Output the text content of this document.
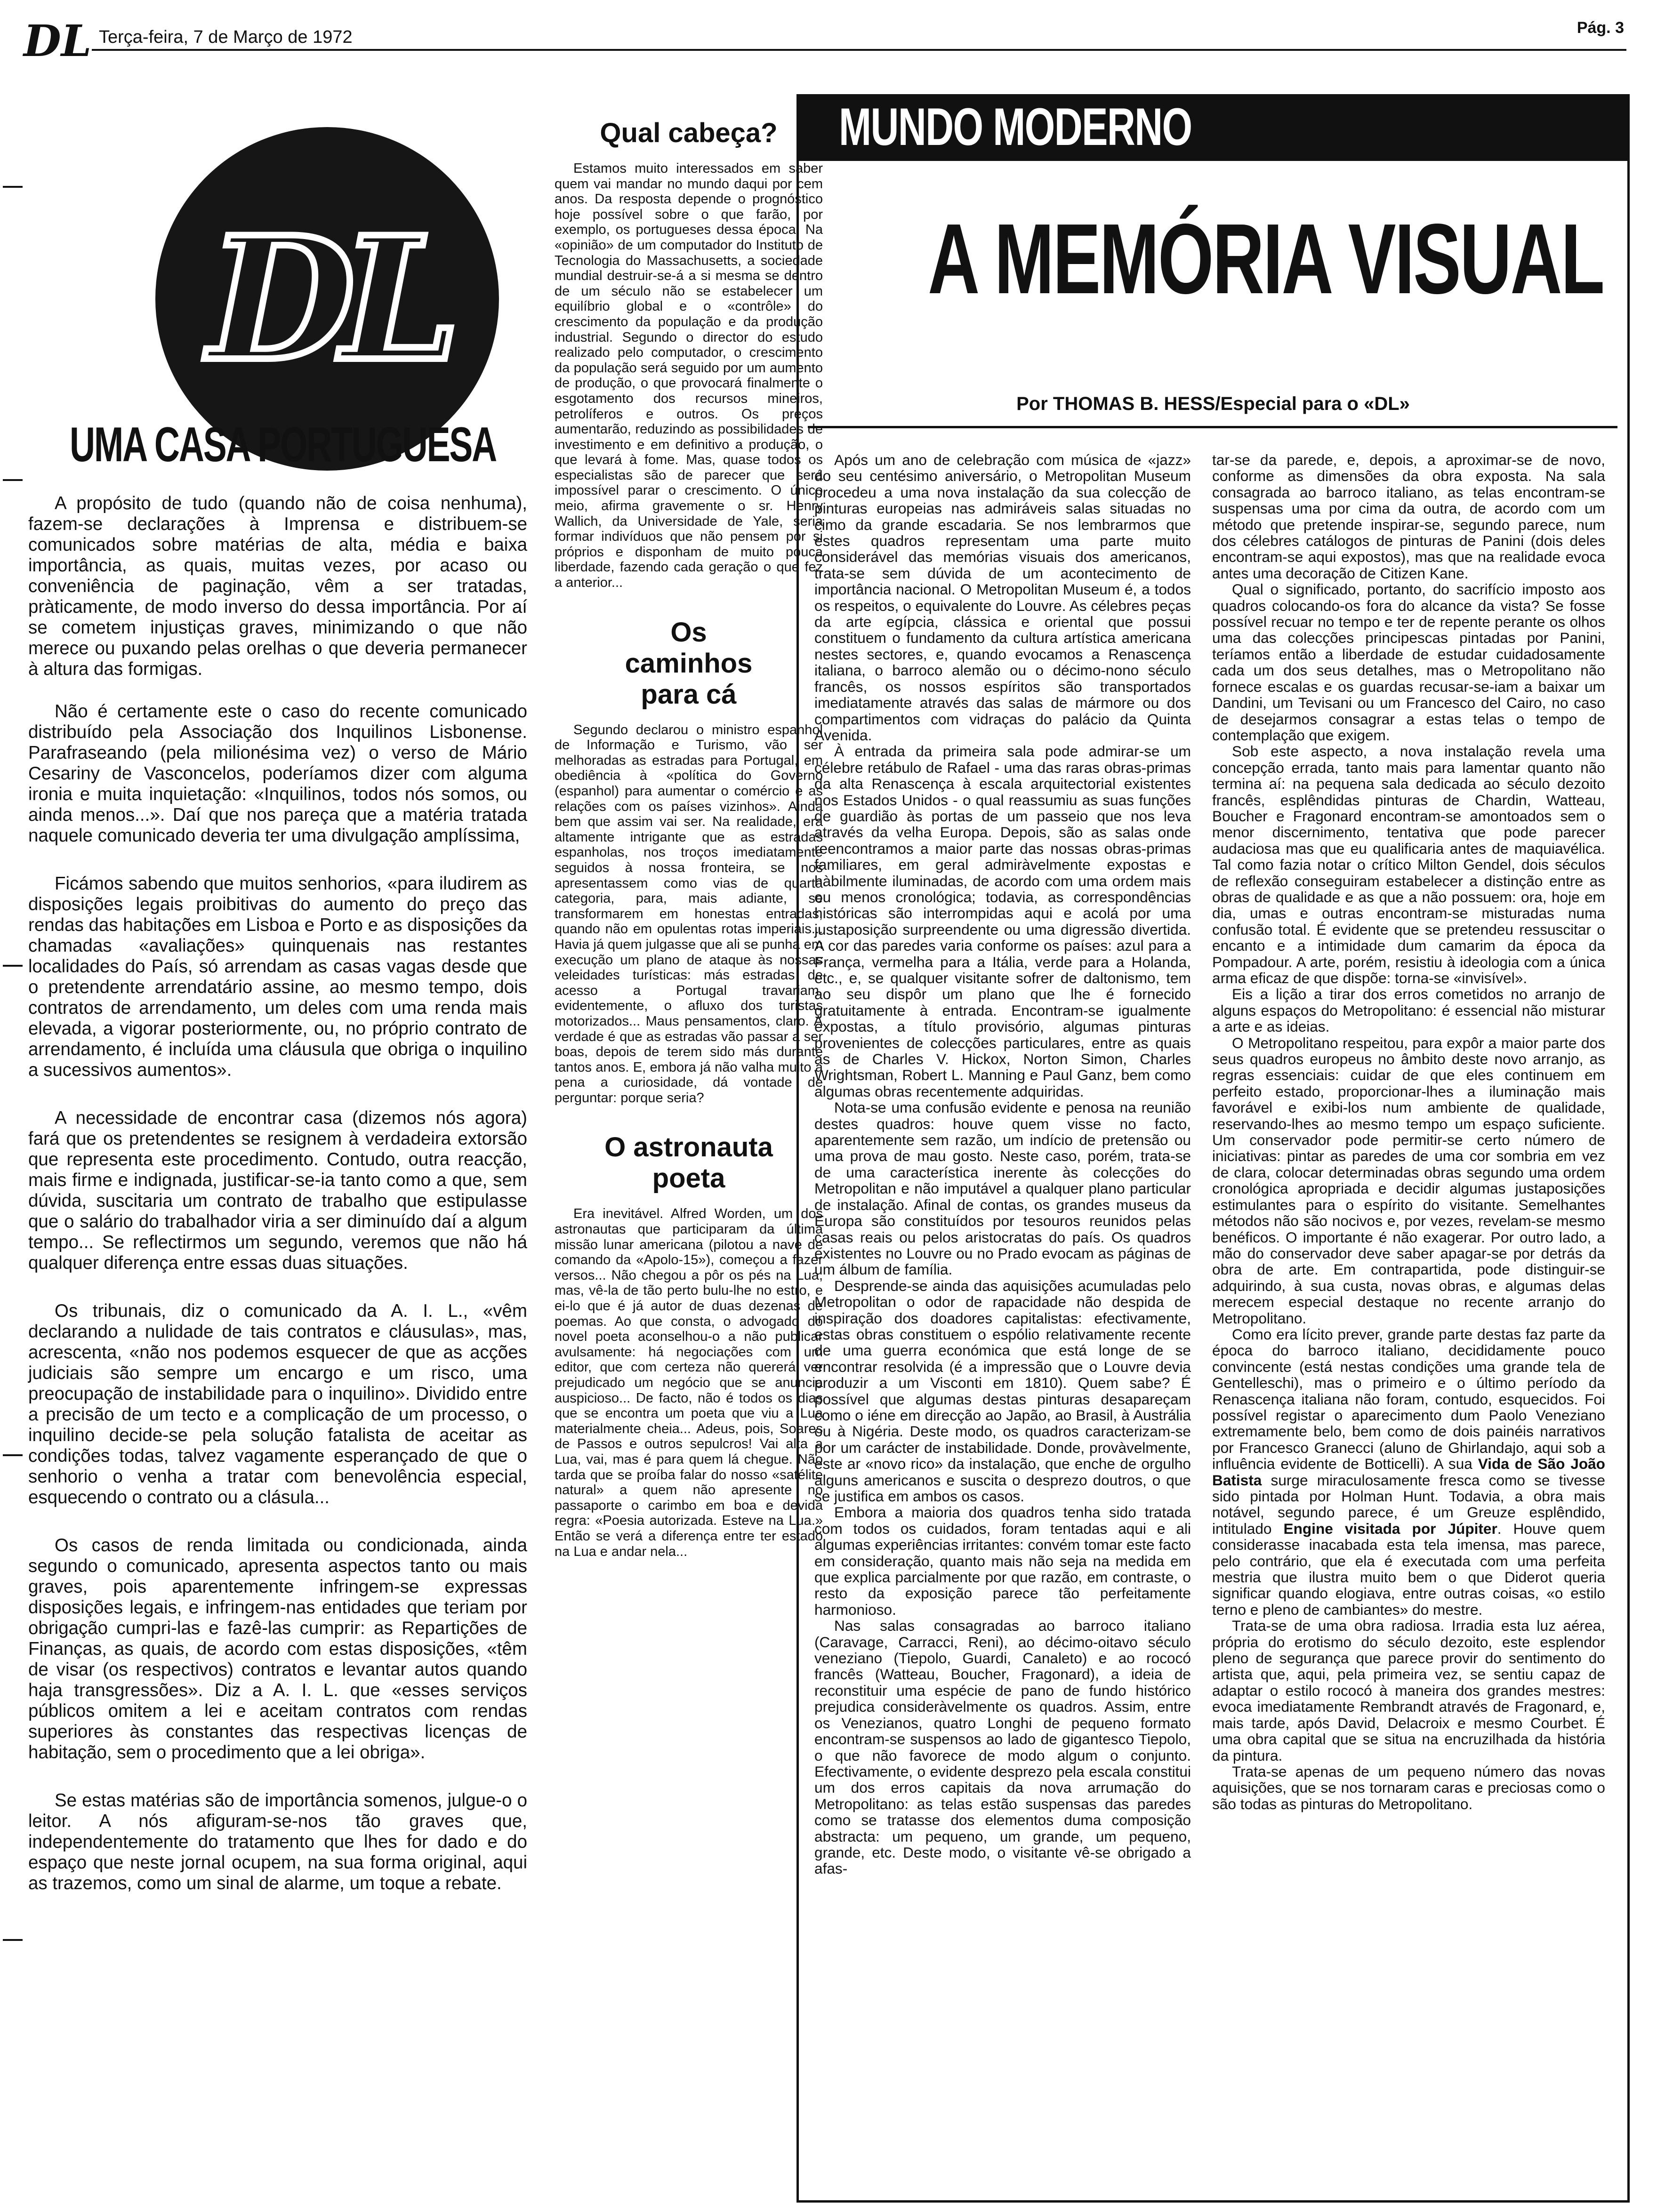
DL Terça-feira, 7 de Março de 1972	Pág. 3
DL
UMA CASA PORTUGUESA

A propósito de tudo (quando não de coisa nenhuma), fazem-se declarações à Imprensa e distribuem-se comunicados sobre matérias de alta, média e baixa importância, as quais, muitas vezes, por acaso ou conveniência de paginação, vêm a ser tratadas, pràticamente, de modo inverso do dessa importância. Por aí se cometem injustiças graves, minimizando o que não merece ou puxando pelas orelhas o que deveria permanecer à altura das formigas.

Não é certamente este o caso do recente comunicado distribuído pela Associação dos Inquilinos Lisbonense. Parafraseando (pela milionésima vez) o verso de Mário Cesariny de Vasconcelos, poderíamos dizer com alguma ironia e muita inquietação: «Inquilinos, todos nós somos, ou ainda menos...». Daí que nos pareça que a matéria tratada naquele comunicado deveria ter uma divulgação amplíssima,

Ficámos sabendo que muitos senhorios, «para iludirem as disposições legais proibitivas do aumento do preço das rendas das habitações em Lisboa e Porto e as disposições da chamadas «avaliações» quinquenais nas restantes localidades do País, só arrendam as casas vagas desde que o pretendente arrendatário assine, ao mesmo tempo, dois contratos de arrendamento, um deles com uma renda mais elevada, a vigorar posteriormente, ou, no próprio contrato de arrendamento, é incluída uma cláusula que obriga o inquilino a sucessivos aumentos».

A necessidade de encontrar casa (dizemos nós agora) fará que os pretendentes se resignem à verdadeira extorsão que representa este procedimento. Contudo, outra reacção, mais firme e indignada, justificar-se-ia tanto como a que, sem dúvida, suscitaria um contrato de trabalho que estipulasse que o salário do trabalhador viria a ser diminuído daí a algum tempo... Se reflectirmos um segundo, veremos que não há qualquer diferença entre essas duas situações.

Os tribunais, diz o comunicado da A. I. L., «vêm declarando a nulidade de tais contratos e cláusulas», mas, acrescenta, «não nos podemos esquecer de que as acções judiciais são sempre um encargo e um risco, uma preocupação de instabilidade para o inquilino». Dividido entre a precisão de um tecto e a complicação de um processo, o inquilino decide-se pela solução fatalista de aceitar as condições todas, talvez vagamente esperançado de que o senhorio o venha a tratar com benevolência especial, esquecendo o contrato ou a clásula...

Os casos de renda limitada ou condicionada, ainda segundo o comunicado, apresenta aspectos tanto ou mais graves, pois aparentemente infringem-se expressas disposições legais, e infringem-nas entidades que teriam por obrigação cumpri-las e fazê-las cumprir: as Repartições de Finanças, as quais, de acordo com estas disposições, «têm de visar (os respectivos) contratos e levantar autos quando haja transgressões». Diz a A. I. L. que «esses serviços públicos omitem a lei e aceitam contratos com rendas superiores às constantes das respectivas licenças de habitação, sem o procedimento que a lei obriga».

Se estas matérias são de importância somenos, julgue-o o leitor. A nós afiguram-se-nos tão graves que, independentemente do tratamento que lhes for dado e do espaço que neste jornal ocupem, na sua forma original, aqui as trazemos, como um sinal de alarme, um toque a rebate.

Qual cabeça?

Estamos muito interessados em saber quem vai mandar no mundo daqui por cem anos. Da resposta depende o prognóstico hoje possível sobre o que farão, por exemplo, os portugueses dessa época. Na «opinião» de um computador do Instituto de Tecnologia do Massachusetts, a sociedade mundial destruir-se-á a si mesma se dentro de um século não se estabelecer um equilíbrio global e o «contrôle» do crescimento da população e da produção industrial. Segundo o director do estudo realizado pelo computador, o crescimento da população será seguido por um aumento de produção, o que provocará finalmente o esgotamento dos recursos mineiros, petrolíferos e outros. Os preços aumentarão, reduzindo as possibilidades de investimento e em definitivo a produção, o que levará à fome. Mas, quase todos os especialistas são de parecer que será impossível parar o crescimento. O único meio, afirma gravemente o sr. Henry Wallich, da Universidade de Yale, seria formar indivíduos que não pensem por si próprios e disponham de muito pouca liberdade, fazendo cada geração o que fez a anterior...

Os caminhos para cá

Segundo declarou o ministro espanhol de Informação e Turismo, vão ser melhoradas as estradas para Portugal, em obediência à «política do Governo (espanhol) para aumentar o comércio e as relações com os países vizinhos». Ainda bem que assim vai ser. Na realidade, era altamente intrigante que as estradas espanholas, nos troços imediatamente seguidos à nossa fronteira, se nos apresentassem como vias de quarta categoria, para, mais adiante, se transformarem em honestas entradas, quando não em opulentas rotas imperiais... Havia já quem julgasse que ali se punha em execução um plano de ataque às nossas veleidades turísticas: más estradas de acesso a Portugal travariam, evidentemente, o afluxo dos turistas motorizados... Maus pensamentos, claro. A verdade é que as estradas vão passar a ser boas, depois de terem sido más durante tantos anos. E, embora já não valha muito a pena a curiosidade, dá vontade de perguntar: porque seria?

O astronauta poeta

Era inevitável. Alfred Worden, um dos astronautas que participaram da última missão lunar americana (pilotou a nave de comando da «Apolo-15»), começou a fazer versos... Não chegou a pôr os pés na Lua, mas, vê-la de tão perto bulu-lhe no estro, e ei-lo que é já autor de duas dezenas de poemas. Ao que consta, o advogado do novel poeta aconselhou-o a não publicar avulsamente: há negociações com um editor, que com certeza não quererá ver prejudicado um negócio que se anuncia auspicioso... De facto, não é todos os dias que se encontra um poeta que viu a Lua materialmente cheia... Adeus, pois, Soares de Passos e outros sepulcros! Vai alta a Lua, vai, mas é para quem lá chegue. Não tarda que se proíba falar do nosso «satélite natural» a quem não apresente no passaporte o carimbo em boa e devida regra: «Poesia autorizada. Esteve na Lua.» Então se verá a diferença entre ter estado na Lua e andar nela...

MUNDO MODERNO
A MEMÓRIA VISUAL
Por THOMAS B. HESS/Especial para o «DL»

Após um ano de celebração com música de «jazz» do seu centésimo aniversário, o Metropolitan Museum procedeu a uma nova instalação da sua colecção de pinturas europeias nas admiráveis salas situadas no cimo da grande escadaria. Se nos lembrarmos que estes quadros representam uma parte muito considerável das memórias visuais dos americanos, trata-se sem dúvida de um acontecimento de importância nacional. O Metropolitan Museum é, a todos os respeitos, o equivalente do Louvre. As célebres peças da arte egípcia, clássica e oriental que possui constituem o fundamento da cultura artística americana nestes sectores, e, quando evocamos a Renascença italiana, o barroco alemão ou o décimo-nono século francês, os nossos espíritos são transportados imediatamente através das salas de mármore ou dos compartimentos com vidraças do palácio da Quinta Avenida.

À entrada da primeira sala pode admirar-se um célebre retábulo de Rafael - uma das raras obras-primas da alta Renascença à escala arquitectorial existentes nos Estados Unidos - o qual reassumiu as suas funções de guardião às portas de um passeio que nos leva através da velha Europa. Depois, são as salas onde reencontramos a maior parte das nossas obras-primas familiares, em geral admiràvelmente expostas e hàbilmente iluminadas, de acordo com uma ordem mais ou menos cronológica; todavia, as correspondências históricas são interrompidas aqui e acolá por uma justaposição surpreendente ou uma digressão divertida. A cor das paredes varia conforme os países: azul para a França, vermelha para a Itália, verde para a Holanda, etc., e, se qualquer visitante sofrer de daltonismo, tem ao seu dispôr um plano que lhe é fornecido gratuitamente à entrada. Encontram-se igualmente expostas, a título provisório, algumas pinturas provenientes de colecções particulares, entre as quais as de Charles V. Hickox, Norton Simon, Charles Wrightsman, Robert L. Manning e Paul Ganz, bem como algumas obras recentemente adquiridas.

Nota-se uma confusão evidente e penosa na reunião destes quadros: houve quem visse no facto, aparentemente sem razão, um indício de pretensão ou uma prova de mau gosto. Neste caso, porém, trata-se de uma característica inerente às colecções do Metropolitan e não imputável a qualquer plano particular de instalação. Afinal de contas, os grandes museus da Europa são constituídos por tesouros reunidos pelas casas reais ou pelos aristocratas do país. Os quadros existentes no Louvre ou no Prado evocam as páginas de um álbum de família.

Desprende-se ainda das aquisições acumuladas pelo Metropolitan o odor de rapacidade não despida de inspiração dos doadores capitalistas: efectivamente, estas obras constituem o espólio relativamente recente de uma guerra económica que está longe de se encontrar resolvida (é a impressão que o Louvre devia produzir a um Visconti em 1810). Quem sabe? É possível que algumas destas pinturas desapareçam como o iéne em direcção ao Japão, ao Brasil, à Austrália ou à Nigéria. Deste modo, os quadros caracterizam-se por um carácter de instabilidade. Donde, provàvelmente, este ar «novo rico» da instalação, que enche de orgulho alguns americanos e suscita o desprezo doutros, o que se justifica em ambos os casos.

Embora a maioria dos quadros tenha sido tratada com todos os cuidados, foram tentadas aqui e ali algumas experiências irritantes: convém tomar este facto em consideração, quanto mais não seja na medida em que explica parcialmente por que razão, em contraste, o resto da exposição parece tão perfeitamente harmonioso.

Nas salas consagradas ao barroco italiano (Caravage, Carracci, Reni), ao décimo-oitavo século veneziano (Tiepolo, Guardi, Canaleto) e ao rococó francês (Watteau, Boucher, Fragonard), a ideia de reconstituir uma espécie de pano de fundo histórico prejudica consideràvelmente os quadros. Assim, entre os Venezianos, quatro Longhi de pequeno formato encontram-se suspensos ao lado de gigantesco Tiepolo, o que não favorece de modo algum o conjunto. Efectivamente, o evidente desprezo pela escala constitui um dos erros capitais da nova arrumação do Metropolitano: as telas estão suspensas das paredes como se tratasse dos elementos duma composição abstracta: um pequeno, um grande, um pequeno, grande, etc. Deste modo, o visitante vê-se obrigado a afas-

tar-se da parede, e, depois, a aproximar-se de novo, conforme as dimensões da obra exposta. Na sala consagrada ao barroco italiano, as telas encontram-se suspensas uma por cima da outra, de acordo com um método que pretende inspirar-se, segundo parece, num dos célebres catálogos de pinturas de Panini (dois deles encontram-se aqui expostos), mas que na realidade evoca antes uma decoração de Citizen Kane.

Qual o significado, portanto, do sacrifício imposto aos quadros colocando-os fora do alcance da vista? Se fosse possível recuar no tempo e ter de repente perante os olhos uma das colecções principescas pintadas por Panini, teríamos então a liberdade de estudar cuidadosamente cada um dos seus detalhes, mas o Metropolitano não fornece escalas e os guardas recusar-se-iam a baixar um Dandini, um Tevisani ou um Francesco del Cairo, no caso de desejarmos consagrar a estas telas o tempo de contemplação que exigem.

Sob este aspecto, a nova instalação revela uma concepção errada, tanto mais para lamentar quanto não termina aí: na pequena sala dedicada ao século dezoito francês, esplêndidas pinturas de Chardin, Watteau, Boucher e Fragonard encontram-se amontoados sem o menor discernimento, tentativa que pode parecer audaciosa mas que eu qualificaria antes de maquiavélica. Tal como fazia notar o crítico Milton Gendel, dois séculos de reflexão conseguiram estabelecer a distinção entre as obras de qualidade e as que a não possuem: ora, hoje em dia, umas e outras encontram-se misturadas numa confusão total. É evidente que se pretendeu ressuscitar o encanto e a intimidade dum camarim da época da Pompadour. A arte, porém, resistiu à ideologia com a única arma eficaz de que dispõe: torna-se «invisível».

Eis a lição a tirar dos erros cometidos no arranjo de alguns espaços do Metropolitano: é essencial não misturar a arte e as ideias.

O Metropolitano respeitou, para expôr a maior parte dos seus quadros europeus no âmbito deste novo arranjo, as regras essenciais: cuidar de que eles continuem em perfeito estado, proporcionar-lhes a iluminação mais favorável e exibi-los num ambiente de qualidade, reservando-lhes ao mesmo tempo um espaço suficiente. Um conservador pode permitir-se certo número de iniciativas: pintar as paredes de uma cor sombria em vez de clara, colocar determinadas obras segundo uma ordem cronológica apropriada e decidir algumas justaposições estimulantes para o espírito do visitante. Semelhantes métodos não são nocivos e, por vezes, revelam-se mesmo benéficos. O importante é não exagerar. Por outro lado, a mão do conservador deve saber apagar-se por detrás da obra de arte. Em contrapartida, pode distinguir-se adquirindo, à sua custa, novas obras, e algumas delas merecem especial destaque no recente arranjo do Metropolitano.

Como era lícito prever, grande parte destas faz parte da época do barroco italiano, decididamente pouco convincente (está nestas condições uma grande tela de Gentelleschi), mas o primeiro e o último período da Renascença italiana não foram, contudo, esquecidos. Foi possível registar o aparecimento dum Paolo Veneziano extremamente belo, bem como de dois painéis narrativos por Francesco Granecci (aluno de Ghirlandajo, aqui sob a influência evidente de Botticelli). A sua Vida de São João Batista surge miraculosamente fresca como se tivesse sido pintada por Holman Hunt. Todavia, a obra mais notável, segundo parece, é um Greuze esplêndido, intitulado Engine visitada por Júpiter. Houve quem considerasse inacabada esta tela imensa, mas parece, pelo contrário, que ela é executada com uma perfeita mestria que ilustra muito bem o que Diderot queria significar quando elogiava, entre outras coisas, «o estilo terno e pleno de cambiantes» do mestre.

Trata-se de uma obra radiosa. Irradia esta luz aérea, própria do erotismo do século dezoito, este esplendor pleno de segurança que parece provir do sentimento do artista que, aqui, pela primeira vez, se sentiu capaz de adaptar o estilo rococó à maneira dos grandes mestres: evoca imediatamente Rembrandt através de Fragonard, e, mais tarde, após David, Delacroix e mesmo Courbet. É uma obra capital que se situa na encruzilhada da história da pintura.

Trata-se apenas de um pequeno número das novas aquisições, que se nos tornaram caras e preciosas como o são todas as pinturas do Metropolitano.
